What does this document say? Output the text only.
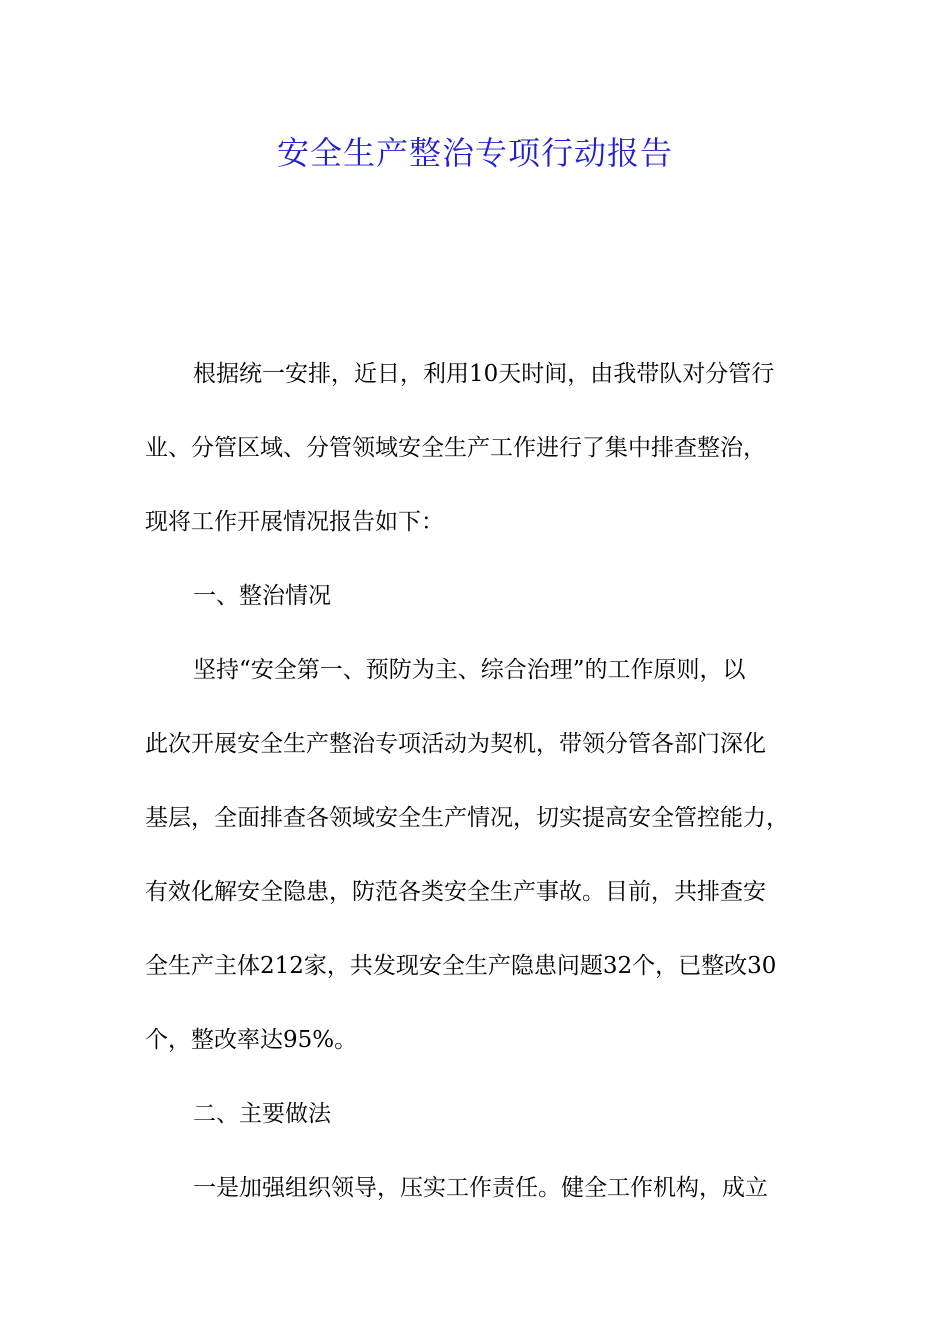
安全生产整治专项行动报告
根据统一安排，近日，利用10天时间，由我带队对分管行
业、分管区域、分管领域安全生产工作进行了集中排查整治，
现将工作开展情况报告如下：
一、整治情况
坚持“安全第一、预防为主、综合治理”的工作原则，以
此次开展安全生产整治专项活动为契机，带领分管各部门深化
基层，全面排查各领域安全生产情况，切实提高安全管控能力，
有效化解安全隐患，防范各类安全生产事故。目前，共排查安
全生产主体212家，共发现安全生产隐患问题32个，已整改30
个，整改率达95%。
二、主要做法
一是加强组织领导，压实工作责任。健全工作机构，成立
